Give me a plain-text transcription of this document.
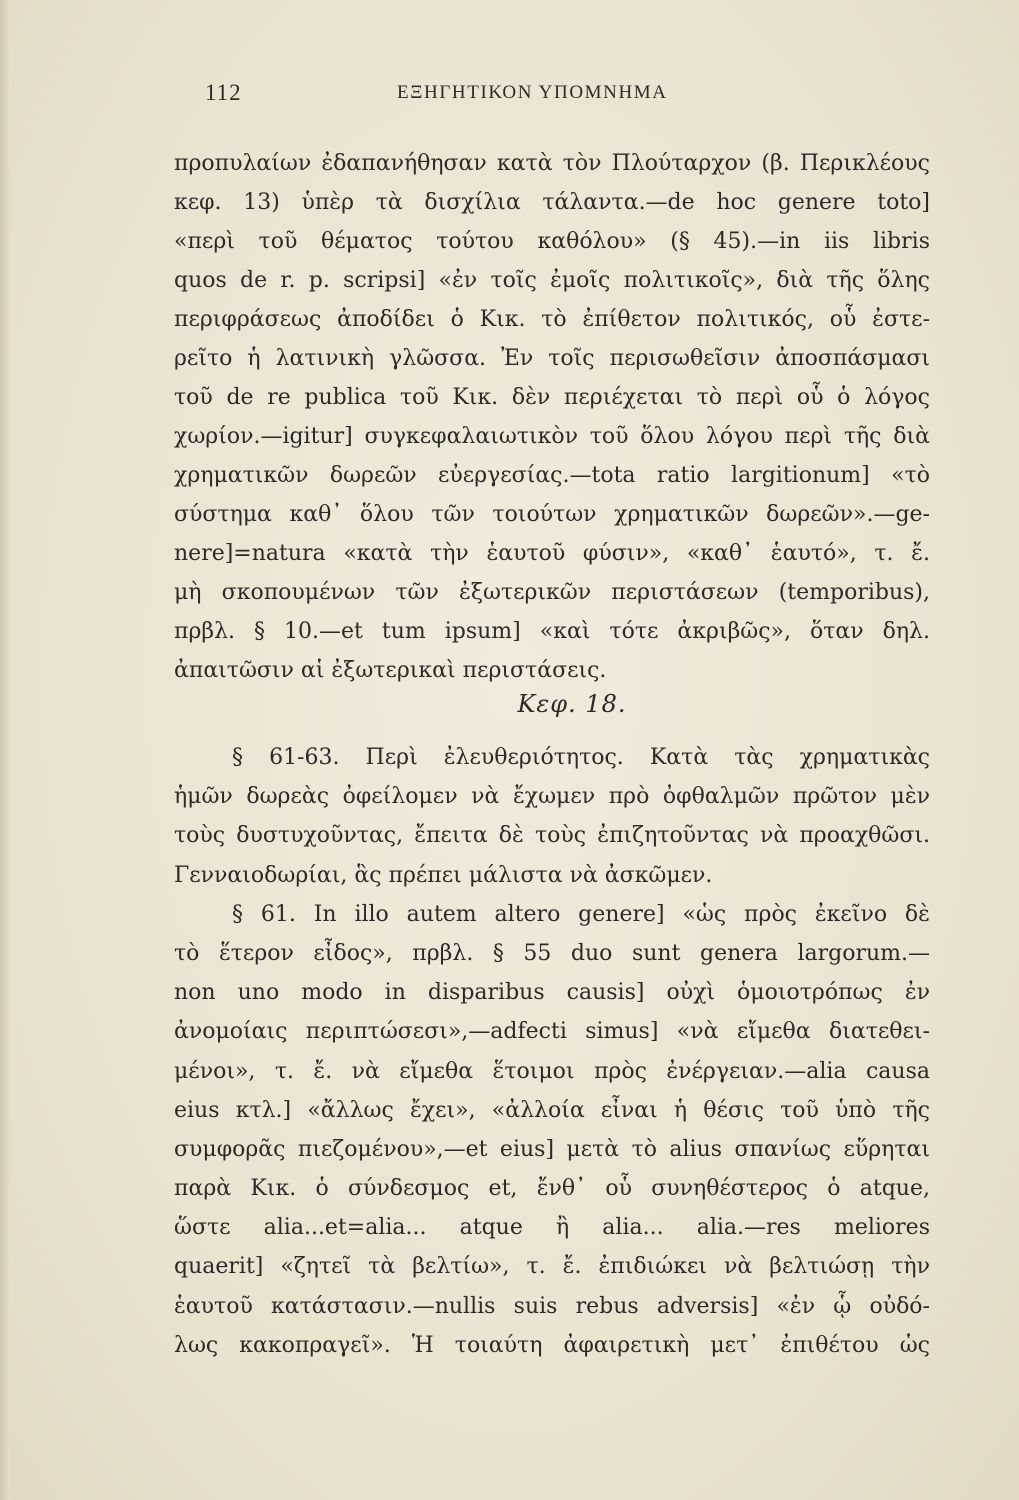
112	ΕΞΗΓΗΤΙΚΟΝ ΥΠΟΜΝΗΜΑ
προπυλαίων ἐδαπανήθησαν κατὰ τὸν Πλούταρχον (β. Περικλέους
κεφ. 13) ὑπὲρ τὰ δισχίλια τάλαντα.—de hoc genere toto]
«περὶ τοῦ θέματος τούτου καθόλου» (§ 45).—in iis libris
quos de r. p. scripsi] «ἐν τοῖς ἐμοῖς πολιτικοῖς», διὰ τῆς ὅλης
περιφράσεως ἀποδίδει ὁ Κικ. τὸ ἐπίθετον πολιτικός, οὗ ἐστε-
ρεῖτο ἡ λατινικὴ γλῶσσα. Ἐν τοῖς περισωθεῖσιν ἀποσπάσμασι
τοῦ de re publica τοῦ Κικ. δὲν περιέχεται τὸ περὶ οὗ ὁ λόγος
χωρίον.—igitur] συγκεφαλαιωτικὸν τοῦ ὅλου λόγου περὶ τῆς διὰ
χρηματικῶν δωρεῶν εὐεργεσίας.—tota ratio largitionum] «τὸ
σύστημα καθ᾽ ὅλου τῶν τοιούτων χρηματικῶν δωρεῶν».—ge-
nere]=natura «κατὰ τὴν ἑαυτοῦ φύσιν», «καθ᾽ ἑαυτό», τ. ἔ.
μὴ σκοπουμένων τῶν ἐξωτερικῶν περιστάσεων (temporibus),
πρβλ. § 10.—et tum ipsum] «καὶ τότε ἀκριβῶς», ὅταν δηλ.
ἀπαιτῶσιν αἱ ἐξωτερικαὶ περιστάσεις.
Κεφ. 18.
§ 61-63. Περὶ ἐλευθεριότητος. Κατὰ τὰς χρηματικὰς
ἡμῶν δωρεὰς ὀφείλομεν νὰ ἔχωμεν πρὸ ὀφθαλμῶν πρῶτον μὲν
τοὺς δυστυχοῦντας, ἔπειτα δὲ τοὺς ἐπιζητοῦντας νὰ προαχθῶσι.
Γενναιοδωρίαι, ἃς πρέπει μάλιστα νὰ ἀσκῶμεν.
§ 61. In illo autem altero genere] «ὡς πρὸς ἐκεῖνο δὲ
τὸ ἕτερον εἶδος», πρβλ. § 55 duo sunt genera largorum.—
non uno modo in disparibus causis] οὐχὶ ὁμοιοτρόπως ἐν
ἀνομοίαις περιπτώσεσι»,—adfecti simus] «νὰ εἴμεθα διατεθει-
μένοι», τ. ἔ. νὰ εἴμεθα ἕτοιμοι πρὸς ἐνέργειαν.—alia causa
eius κτλ.] «ἄλλως ἔχει», «ἀλλοία εἶναι ἡ θέσις τοῦ ὑπὸ τῆς
συμφορᾶς πιεζομένου»,—et eius] μετὰ τὸ alius σπανίως εὕρηται
παρὰ Κικ. ὁ σύνδεσμος et, ἔνθ᾽ οὗ συνηθέστερος ὁ atque,
ὥστε alia...et=alia... atque ἢ alia... alia.—res meliores
quaerit] «ζητεῖ τὰ βελτίω», τ. ἔ. ἐπιδιώκει νὰ βελτιώσῃ τὴν
ἑαυτοῦ κατάστασιν.—nullis suis rebus adversis] «ἐν ᾧ οὐδό-
λως κακοπραγεῖ». Ἡ τοιαύτη ἀφαιρετικὴ μετ᾽ ἐπιθέτου ὡς
